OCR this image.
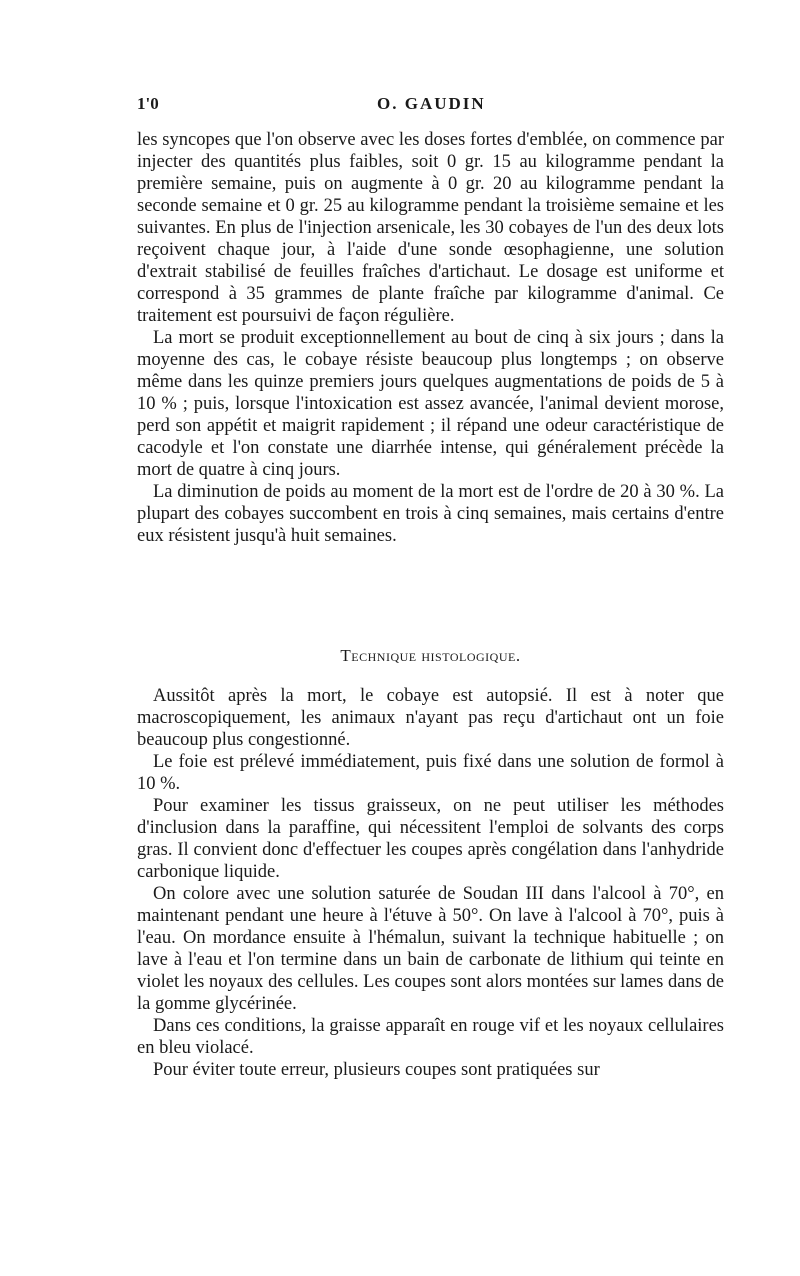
1'0	O. GAUDIN

les syncopes que l'on observe avec les doses fortes d'emblée, on commence par injecter des quantités plus faibles, soit 0 gr. 15 au kilogramme pendant la première semaine, puis on augmente à 0 gr. 20 au kilogramme pendant la seconde semaine et 0 gr. 25 au kilogramme pendant la troisième semaine et les suivantes. En plus de l'injection arsenicale, les 30 cobayes de l'un des deux lots reçoivent chaque jour, à l'aide d'une sonde œsophagienne, une solution d'extrait stabilisé de feuilles fraîches d'artichaut. Le dosage est uniforme et correspond à 35 grammes de plante fraîche par kilogramme d'animal. Ce traitement est poursuivi de façon régulière.

La mort se produit exceptionnellement au bout de cinq à six jours ; dans la moyenne des cas, le cobaye résiste beaucoup plus longtemps ; on observe même dans les quinze premiers jours quelques augmentations de poids de 5 à 10 % ; puis, lorsque l'intoxication est assez avancée, l'animal devient morose, perd son appétit et maigrit rapidement ; il répand une odeur caractéristique de cacodyle et l'on constate une diarrhée intense, qui généralement précède la mort de quatre à cinq jours.

La diminution de poids au moment de la mort est de l'ordre de 20 à 30 %. La plupart des cobayes succombent en trois à cinq semaines, mais certains d'entre eux résistent jusqu'à huit semaines.

Technique histologique.

Aussitôt après la mort, le cobaye est autopsié. Il est à noter que macroscopiquement, les animaux n'ayant pas reçu d'artichaut ont un foie beaucoup plus congestionné.

Le foie est prélevé immédiatement, puis fixé dans une solution de formol à 10 %.

Pour examiner les tissus graisseux, on ne peut utiliser les méthodes d'inclusion dans la paraffine, qui nécessitent l'emploi de solvants des corps gras. Il convient donc d'effectuer les coupes après congélation dans l'anhydride carbonique liquide.

On colore avec une solution saturée de Soudan III dans l'alcool à 70°, en maintenant pendant une heure à l'étuve à 50°. On lave à l'alcool à 70°, puis à l'eau. On mordance ensuite à l'hémalun, suivant la technique habituelle ; on lave à l'eau et l'on termine dans un bain de carbonate de lithium qui teinte en violet les noyaux des cellules. Les coupes sont alors montées sur lames dans de la gomme glycérinée.

Dans ces conditions, la graisse apparaît en rouge vif et les noyaux cellulaires en bleu violacé.

Pour éviter toute erreur, plusieurs coupes sont pratiquées sur
